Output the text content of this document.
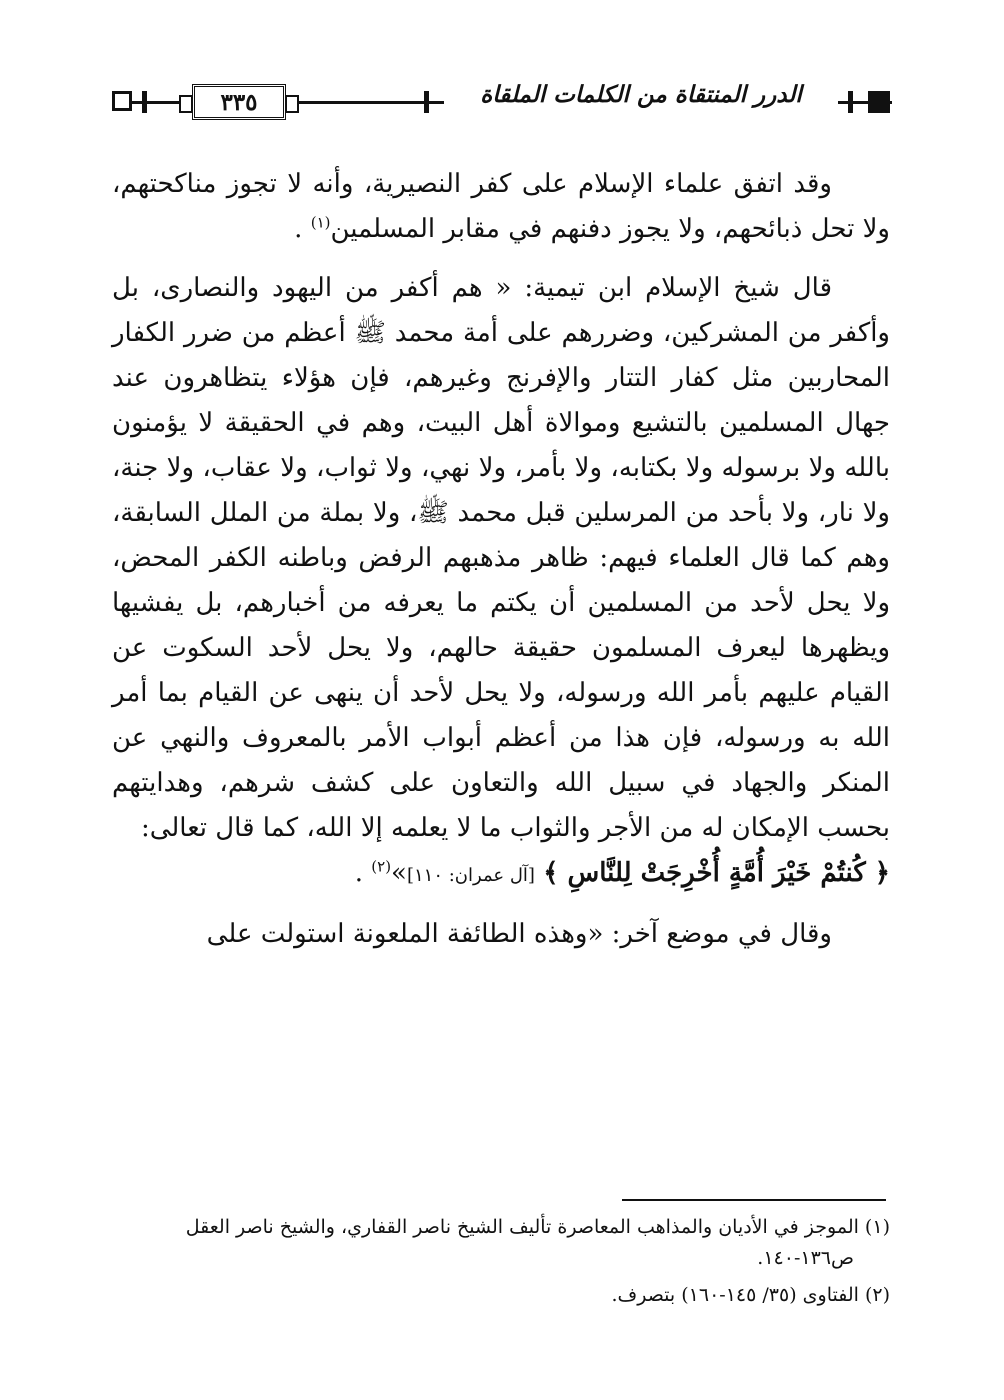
٣٣٥	الدرر المنتقاة من الكلمات الملقاة

وقد اتفق علماء الإسلام على كفر النصيرية، وأنه لا تجوز مناكحتهم، ولا تحل ذبائحهم، ولا يجوز دفنهم في مقابر المسلمين$^{(١)}$ .

قال شيخ الإسلام ابن تيمية: « هم أكفر من اليهود والنصارى، بل وأكفر من المشركين، وضررهم على أمة محمد ﷺ أعظم من ضرر الكفار المحاربين مثل كفار التتار والإفرنج وغيرهم، فإن هؤلاء يتظاهرون عند جهال المسلمين بالتشيع وموالاة أهل البيت، وهم في الحقيقة لا يؤمنون بالله ولا برسوله ولا بكتابه، ولا بأمر، ولا نهي، ولا ثواب، ولا عقاب، ولا جنة، ولا نار، ولا بأحد من المرسلين قبل محمد ﷺ، ولا بملة من الملل السابقة، وهم كما قال العلماء فيهم: ظاهر مذهبهم الرفض وباطنه الكفر المحض، ولا يحل لأحد من المسلمين أن يكتم ما يعرفه من أخبارهم، بل يفشيها ويظهرها ليعرف المسلمون حقيقة حالهم، ولا يحل لأحد السكوت عن القيام عليهم بأمر الله ورسوله، ولا يحل لأحد أن ينهى عن القيام بما أمر الله به ورسوله، فإن هذا من أعظم أبواب الأمر بالمعروف والنهي عن المنكر والجهاد في سبيل الله والتعاون على كشف شرهم، وهدايتهم بحسب الإمكان له من الأجر والثواب ما لا يعلمه إلا الله، كما قال تعالى:
﴿ كُنتُمْ خَيْرَ أُمَّةٍ أُخْرِجَتْ لِلنَّاسِ ﴾ [آل عمران: ١١٠]»$^{(٢)}$ .

وقال في موضع آخر: «وهذه الطائفة الملعونة استولت على

(١) الموجز في الأديان والمذاهب المعاصرة تأليف الشيخ ناصر القفاري، والشيخ ناصر العقل ص١٣٦-١٤٠.

(٢) الفتاوى (٣٥/ ١٤٥-١٦٠) بتصرف.
